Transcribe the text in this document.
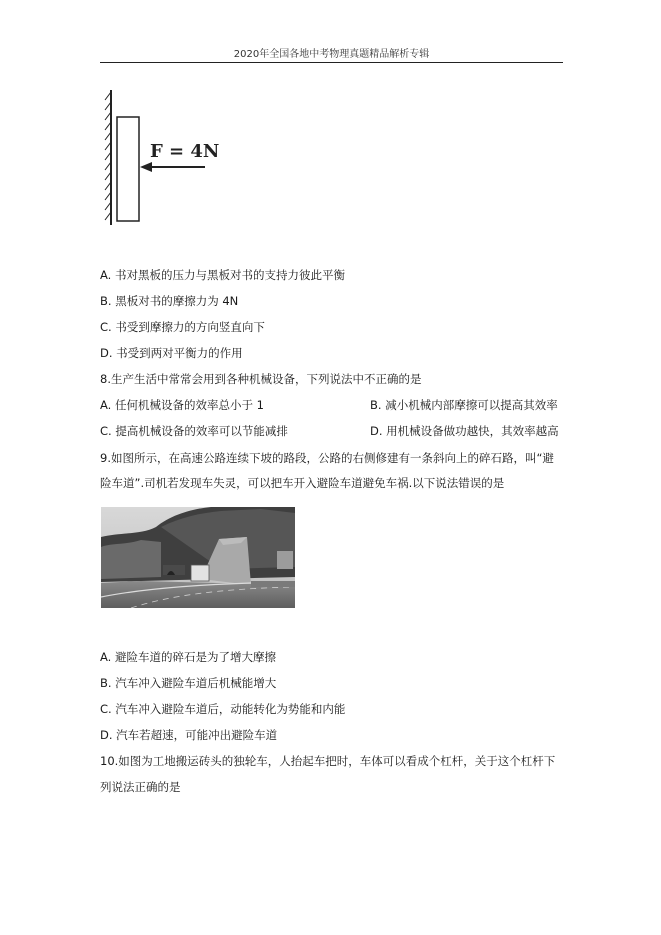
2020年全国各地中考物理真题精品解析专辑
F = 4N
A. 书对黑板的压力与黑板对书的支持力彼此平衡
B. 黑板对书的摩擦力为 4N
C. 书受到摩擦力的方向竖直向下
D. 书受到两对平衡力的作用
8.生产生活中常常会用到各种机械设备，下列说法中不正确的是
A. 任何机械设备的效率总小于 1	B. 减小机械内部摩擦可以提高其效率
C. 提高机械设备的效率可以节能减排	D. 用机械设备做功越快，其效率越高
9.如图所示，在高速公路连续下坡的路段，公路的右侧修建有一条斜向上的碎石路，叫“避
险车道”.司机若发现车失灵，可以把车开入避险车道避免车祸.以下说法错误的是
A. 避险车道的碎石是为了增大摩擦
B. 汽车冲入避险车道后机械能增大
C. 汽车冲入避险车道后，动能转化为势能和内能
D. 汽车若超速，可能冲出避险车道
10.如图为工地搬运砖头的独轮车，人抬起车把时，车体可以看成个杠杆，关于这个杠杆下
列说法正确的是
